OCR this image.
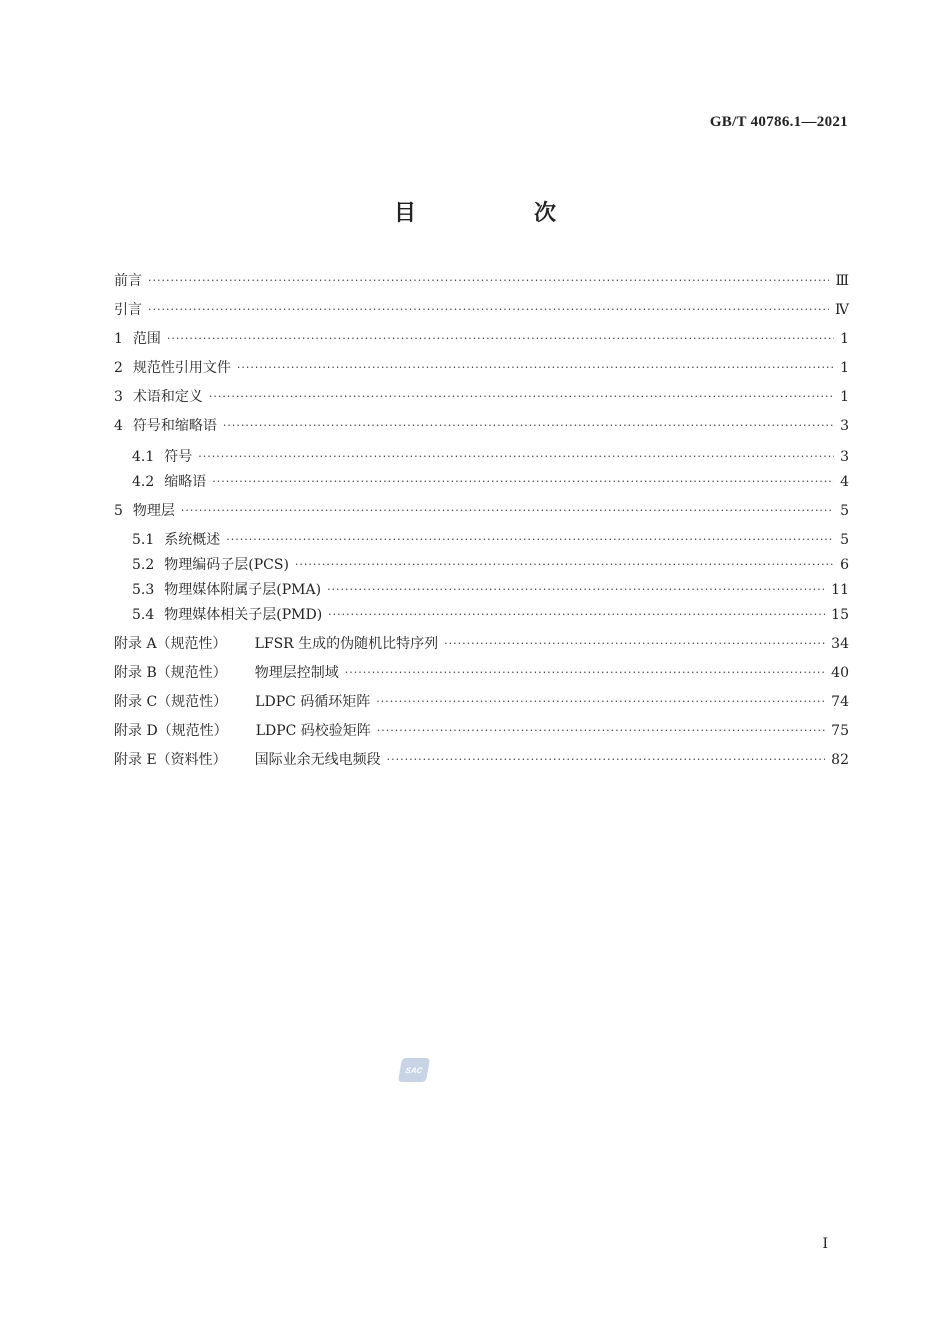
GB/T 40786.1—2021
目　次
前言 ·····	Ⅲ
引言 ·····	Ⅳ
1 范围 ·····	1
2 规范性引用文件 ·····	1
3 术语和定义 ·····	1
4 符号和缩略语 ·····	3
4.1 符号 ·····	3
4.2 缩略语 ·····	4
5 物理层 ·····	5
5.1 系统概述 ·····	5
5.2 物理编码子层(PCS) ·····	6
5.3 物理媒体附属子层(PMA) ·····	11
5.4 物理媒体相关子层(PMD) ·····	15
附录 A（规范性） LFSR 生成的伪随机比特序列 ·····	34
附录 B（规范性） 物理层控制域 ·····	40
附录 C（规范性） LDPC 码循环矩阵 ·····	74
附录 D（规范性） LDPC 码校验矩阵 ·····	75
附录 E（资料性） 国际业余无线电频段 ·····	82
SAC
Ⅰ
